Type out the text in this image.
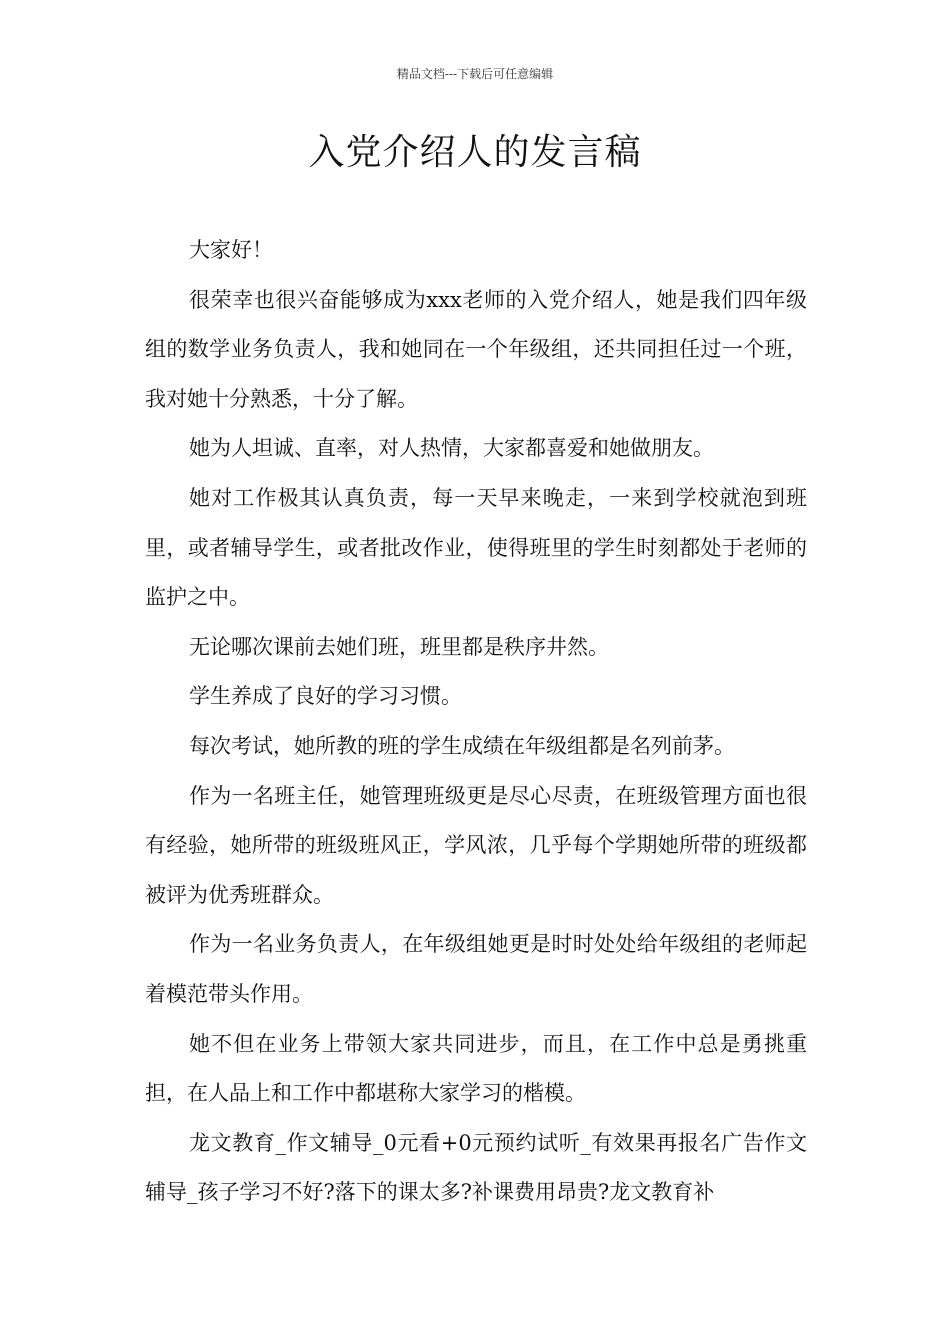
精品文档---下载后可任意编辑
入党介绍人的发言稿

大家好！

很荣幸也很兴奋能够成为xxx老师的入党介绍人，她是我们四年级组的数学业务负责人，我和她同在一个年级组，还共同担任过一个班，我对她十分熟悉，十分了解。

她为人坦诚、直率，对人热情，大家都喜爱和她做朋友。

她对工作极其认真负责，每一天早来晚走，一来到学校就泡到班里，或者辅导学生，或者批改作业，使得班里的学生时刻都处于老师的监护之中。

无论哪次课前去她们班，班里都是秩序井然。

学生养成了良好的学习习惯。

每次考试，她所教的班的学生成绩在年级组都是名列前茅。

作为一名班主任，她管理班级更是尽心尽责，在班级管理方面也很有经验，她所带的班级班风正，学风浓，几乎每个学期她所带的班级都被评为优秀班群众。

作为一名业务负责人，在年级组她更是时时处处给年级组的老师起着模范带头作用。

她不但在业务上带领大家共同进步，而且，在工作中总是勇挑重担，在人品上和工作中都堪称大家学习的楷模。

龙文教育_作文辅导_0元看+0元预约试听_有效果再报名广告作文辅导_孩子学习不好?落下的课太多?补课费用昂贵?龙文教育补
